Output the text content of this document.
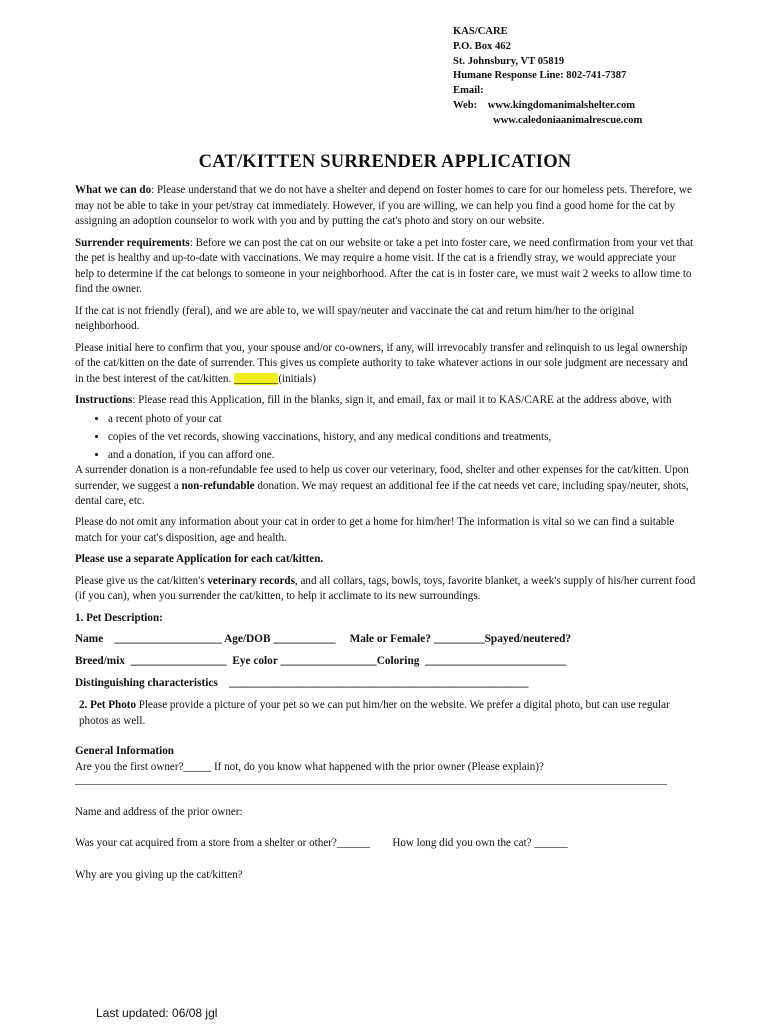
KAS/CARE
P.O. Box 462
St. Johnsbury, VT 05819
Humane Response Line: 802-741-7387
Email:
Web: www.kingdomanimalshelter.com
www.caledoniaanimalrescue.com
CAT/KITTEN SURRENDER APPLICATION

What we can do: Please understand that we do not have a shelter and depend on foster homes to care for our homeless pets. Therefore, we may not be able to take in your pet/stray cat immediately. However, if you are willing, we can help you find a good home for the cat by assigning an adoption counselor to work with you and by putting the cat's photo and story on our website.

Surrender requirements: Before we can post the cat on our website or take a pet into foster care, we need confirmation from your vet that the pet is healthy and up-to-date with vaccinations. We may require a home visit. If the cat is a friendly stray, we would appreciate your help to determine if the cat belongs to someone in your neighborhood. After the cat is in foster care, we must wait 2 weeks to allow time to find the owner.

If the cat is not friendly (feral), and we are able to, we will spay/neuter and vaccinate the cat and return him/her to the original neighborhood.

Please initial here to confirm that you, your spouse and/or co-owners, if any, will irrevocably transfer and relinquish to us legal ownership of the cat/kitten on the date of surrender. This gives us complete authority to take whatever actions in our sole judgment are necessary and in the best interest of the cat/kitten. ________(initials)

Instructions: Please read this Application, fill in the blanks, sign it, and email, fax or mail it to KAS/CARE at the address above, with

• a recent photo of your cat
• copies of the vet records, showing vaccinations, history, and any medical conditions and treatments,
• and a donation, if you can afford one.

A surrender donation is a non-refundable fee used to help us cover our veterinary, food, shelter and other expenses for the cat/kitten. Upon surrender, we suggest a non-refundable donation. We may request an additional fee if the cat needs vet care, including spay/neuter, shots, dental care, etc.

Please do not omit any information about your cat in order to get a home for him/her! The information is vital so we can find a suitable match for your cat's disposition, age and health.

Please use a separate Application for each cat/kitten.

Please give us the cat/kitten's veterinary records, and all collars, tags, bowls, toys, favorite blanket, a week's supply of his/her current food (if you can), when you surrender the cat/kitten, to help it acclimate to its new surroundings.

1. Pet Description:
Name ___________________ Age/DOB ___________ Male or Female? _________Spayed/neutered?
Breed/mix _________________ Eye color _________________Coloring _________________________
Distinguishing characteristics _____________________________________________________

2. Pet Photo Please provide a picture of your pet so we can put him/her on the website. We prefer a digital photo, but can use regular photos as well.

General Information
Are you the first owner?_____ If not, do you know what happened with the prior owner (Please explain)?
Name and address of the prior owner:
Was your cat acquired from a store from a shelter or other?______ How long did you own the cat? ______
Why are you giving up the cat/kitten?
Last updated: 06/08 jgl
